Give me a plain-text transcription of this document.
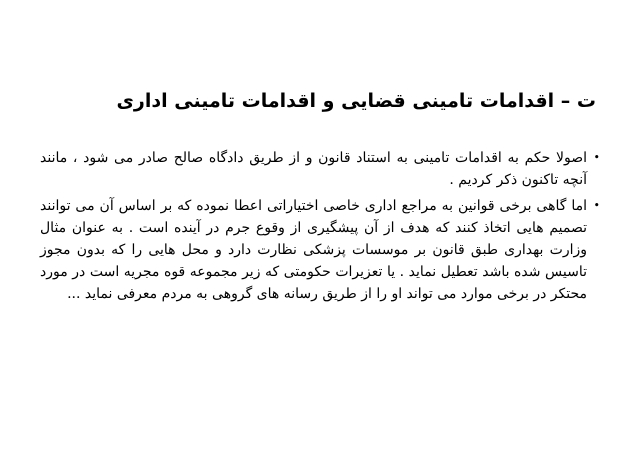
ت – اقدامات تامینی قضایی و اقدامات تامینی اداری
•
اصولا حکم به اقدامات تامینی به استناد قانون و از طریق دادگاه صالح صادر می شود ، مانند آنچه تاکنون ذکر کردیم .
•
اما گاهی برخی قوانین به مراجع اداری خاصی اختیاراتی اعطا نموده که بر اساس آن می توانند تصمیم هایی اتخاذ کنند که هدف از آن پیشگیری از وقوع جرم در آینده است . به عنوان مثال وزارت بهداری طبق قانون بر موسسات پزشکی نظارت دارد و محل هایی را که بدون مجوز تاسیس شده باشد تعطیل نماید . یا تعزیرات حکومتی که زیر مجموعه قوه مجریه است در مورد محتکر در برخی موارد می تواند او را از طریق رسانه های گروهی به مردم معرفی نماید ...
